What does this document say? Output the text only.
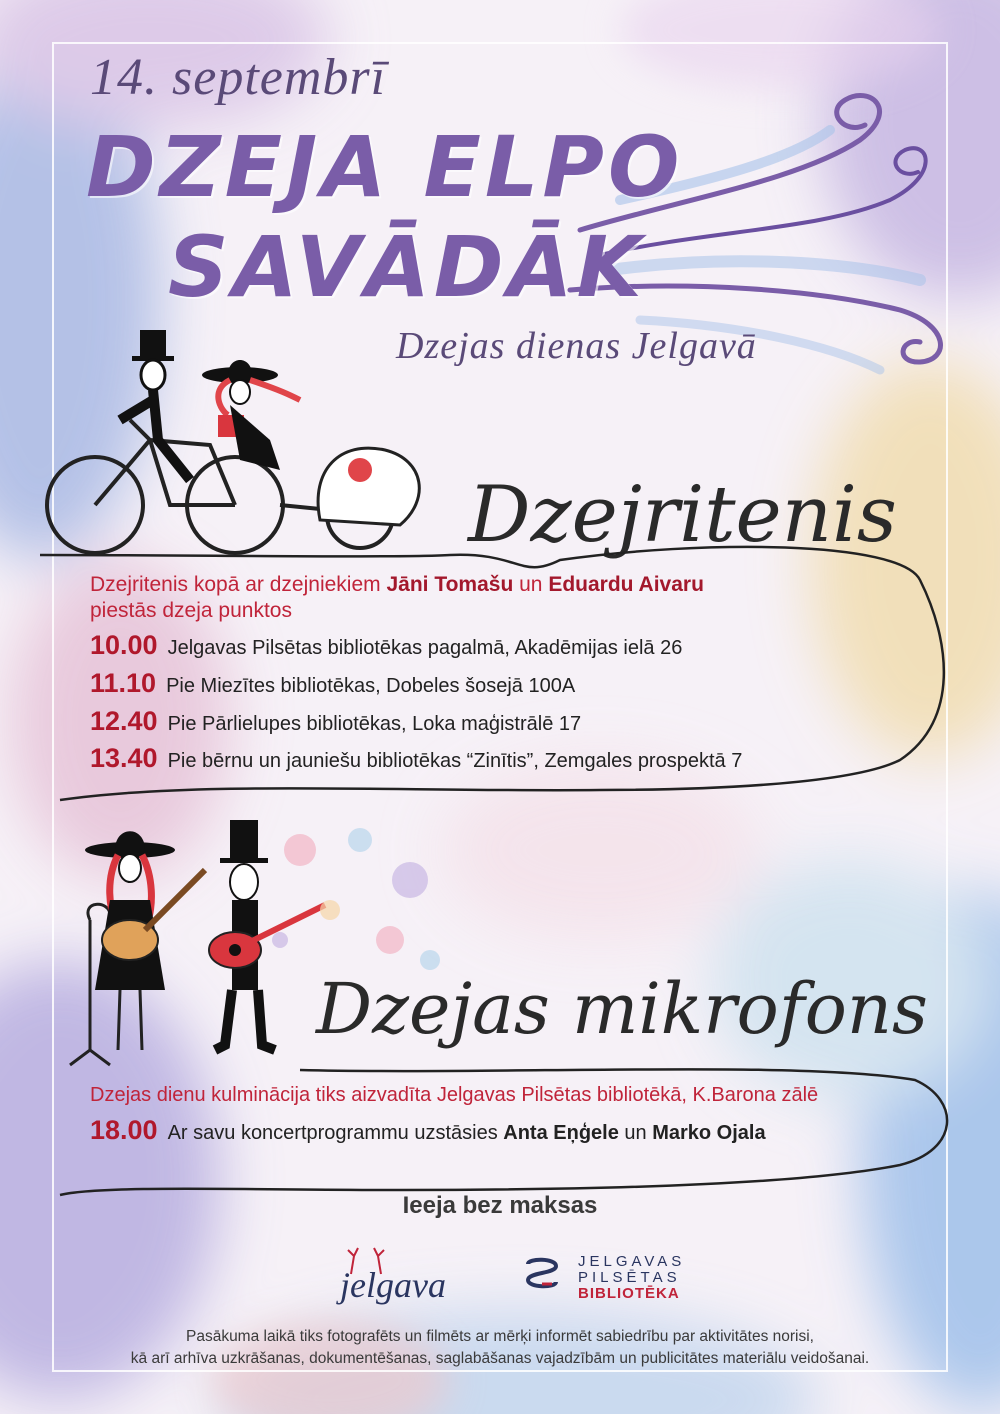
14. septembrī
DZEJA ELPO
SAVĀDĀK
Dzejas dienas Jelgavā
Dzejritenis
Dzejritenis kopā ar dzejniekiem Jāni Tomašu un Eduardu Aivaru
piestās dzeja punktos
10.00 Jelgavas Pilsētas bibliotēkas pagalmā, Akadēmijas ielā 26
11.10 Pie Miezītes bibliotēkas, Dobeles šosejā 100A
12.40 Pie Pārlielupes bibliotēkas, Loka maģistrālē 17
13.40 Pie bērnu un jauniešu bibliotēkas “Zinītis”, Zemgales prospektā 7
Dzejas mikrofons
Dzejas dienu kulminācija tiks aizvadīta Jelgavas Pilsētas bibliotēkā, K.Barona zālē
18.00 Ar savu koncertprogrammu uzstāsies Anta Eņģele un Marko Ojala
Ieeja bez maksas
jelgava
JELGAVAS
PILSĒTAS
BIBLIOTĒKA
Pasākuma laikā tiks fotografēts un filmēts ar mērķi informēt sabiedrību par aktivitātes norisi,
kā arī arhīva uzkrāšanas, dokumentēšanas, saglabāšanas vajadzībām un publicitātes materiālu veidošanai.
